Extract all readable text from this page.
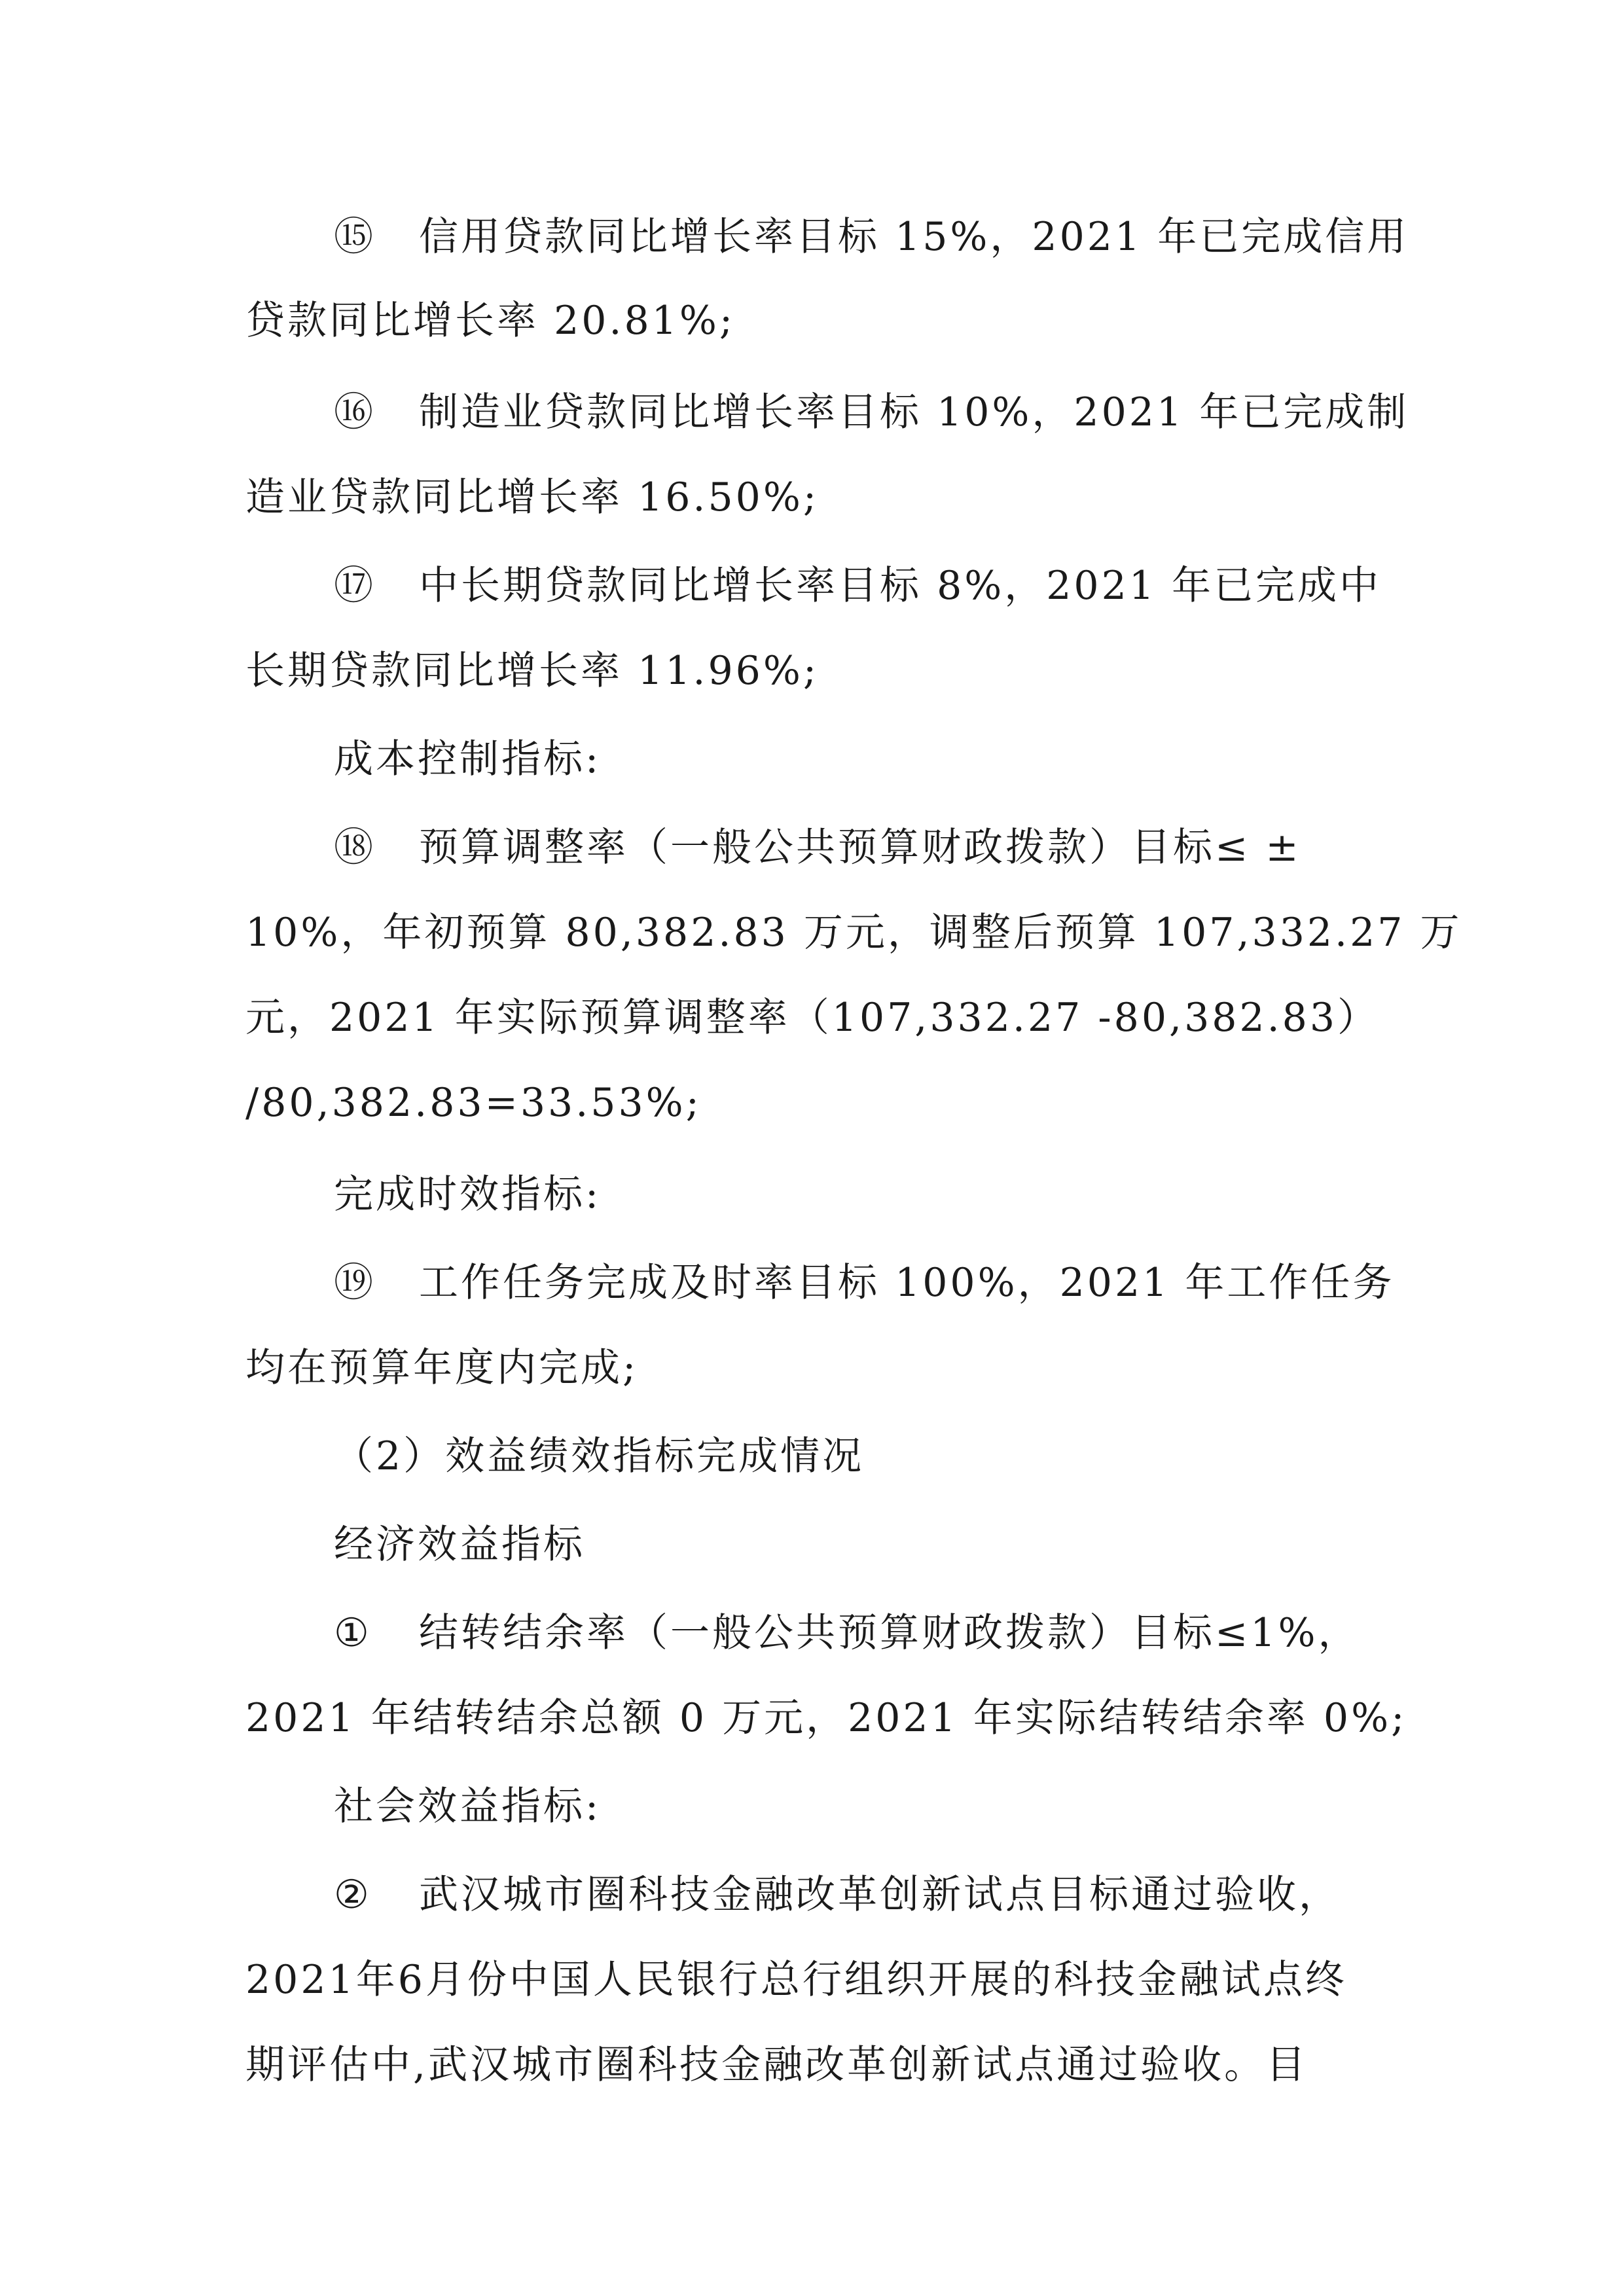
⑮ 信用贷款同比增长率目标 15%，2021 年已完成信用
贷款同比增长率 20.81%;
⑯ 制造业贷款同比增长率目标 10%，2021 年已完成制
造业贷款同比增长率 16.50%;
⑰ 中长期贷款同比增长率目标 8%，2021 年已完成中
长期贷款同比增长率 11.96%;
成本控制指标:
⑱ 预算调整率（一般公共预算财政拨款）目标≤ ±
10%，年初预算 80,382.83 万元，调整后预算 107,332.27 万
元，2021 年实际预算调整率（107,332.27 -80,382.83）
/80,382.83=33.53%;
完成时效指标:
⑲ 工作任务完成及时率目标 100%，2021 年工作任务
均在预算年度内完成;
（2）效益绩效指标完成情况
经济效益指标
① 结转结余率（一般公共预算财政拨款）目标≤1%，
2021 年结转结余总额 0 万元，2021 年实际结转结余率 0%;
社会效益指标:
② 武汉城市圈科技金融改革创新试点目标通过验收，
2021年6月份中国人民银行总行组织开展的科技金融试点终
期评估中,武汉城市圈科技金融改革创新试点通过验收。目
